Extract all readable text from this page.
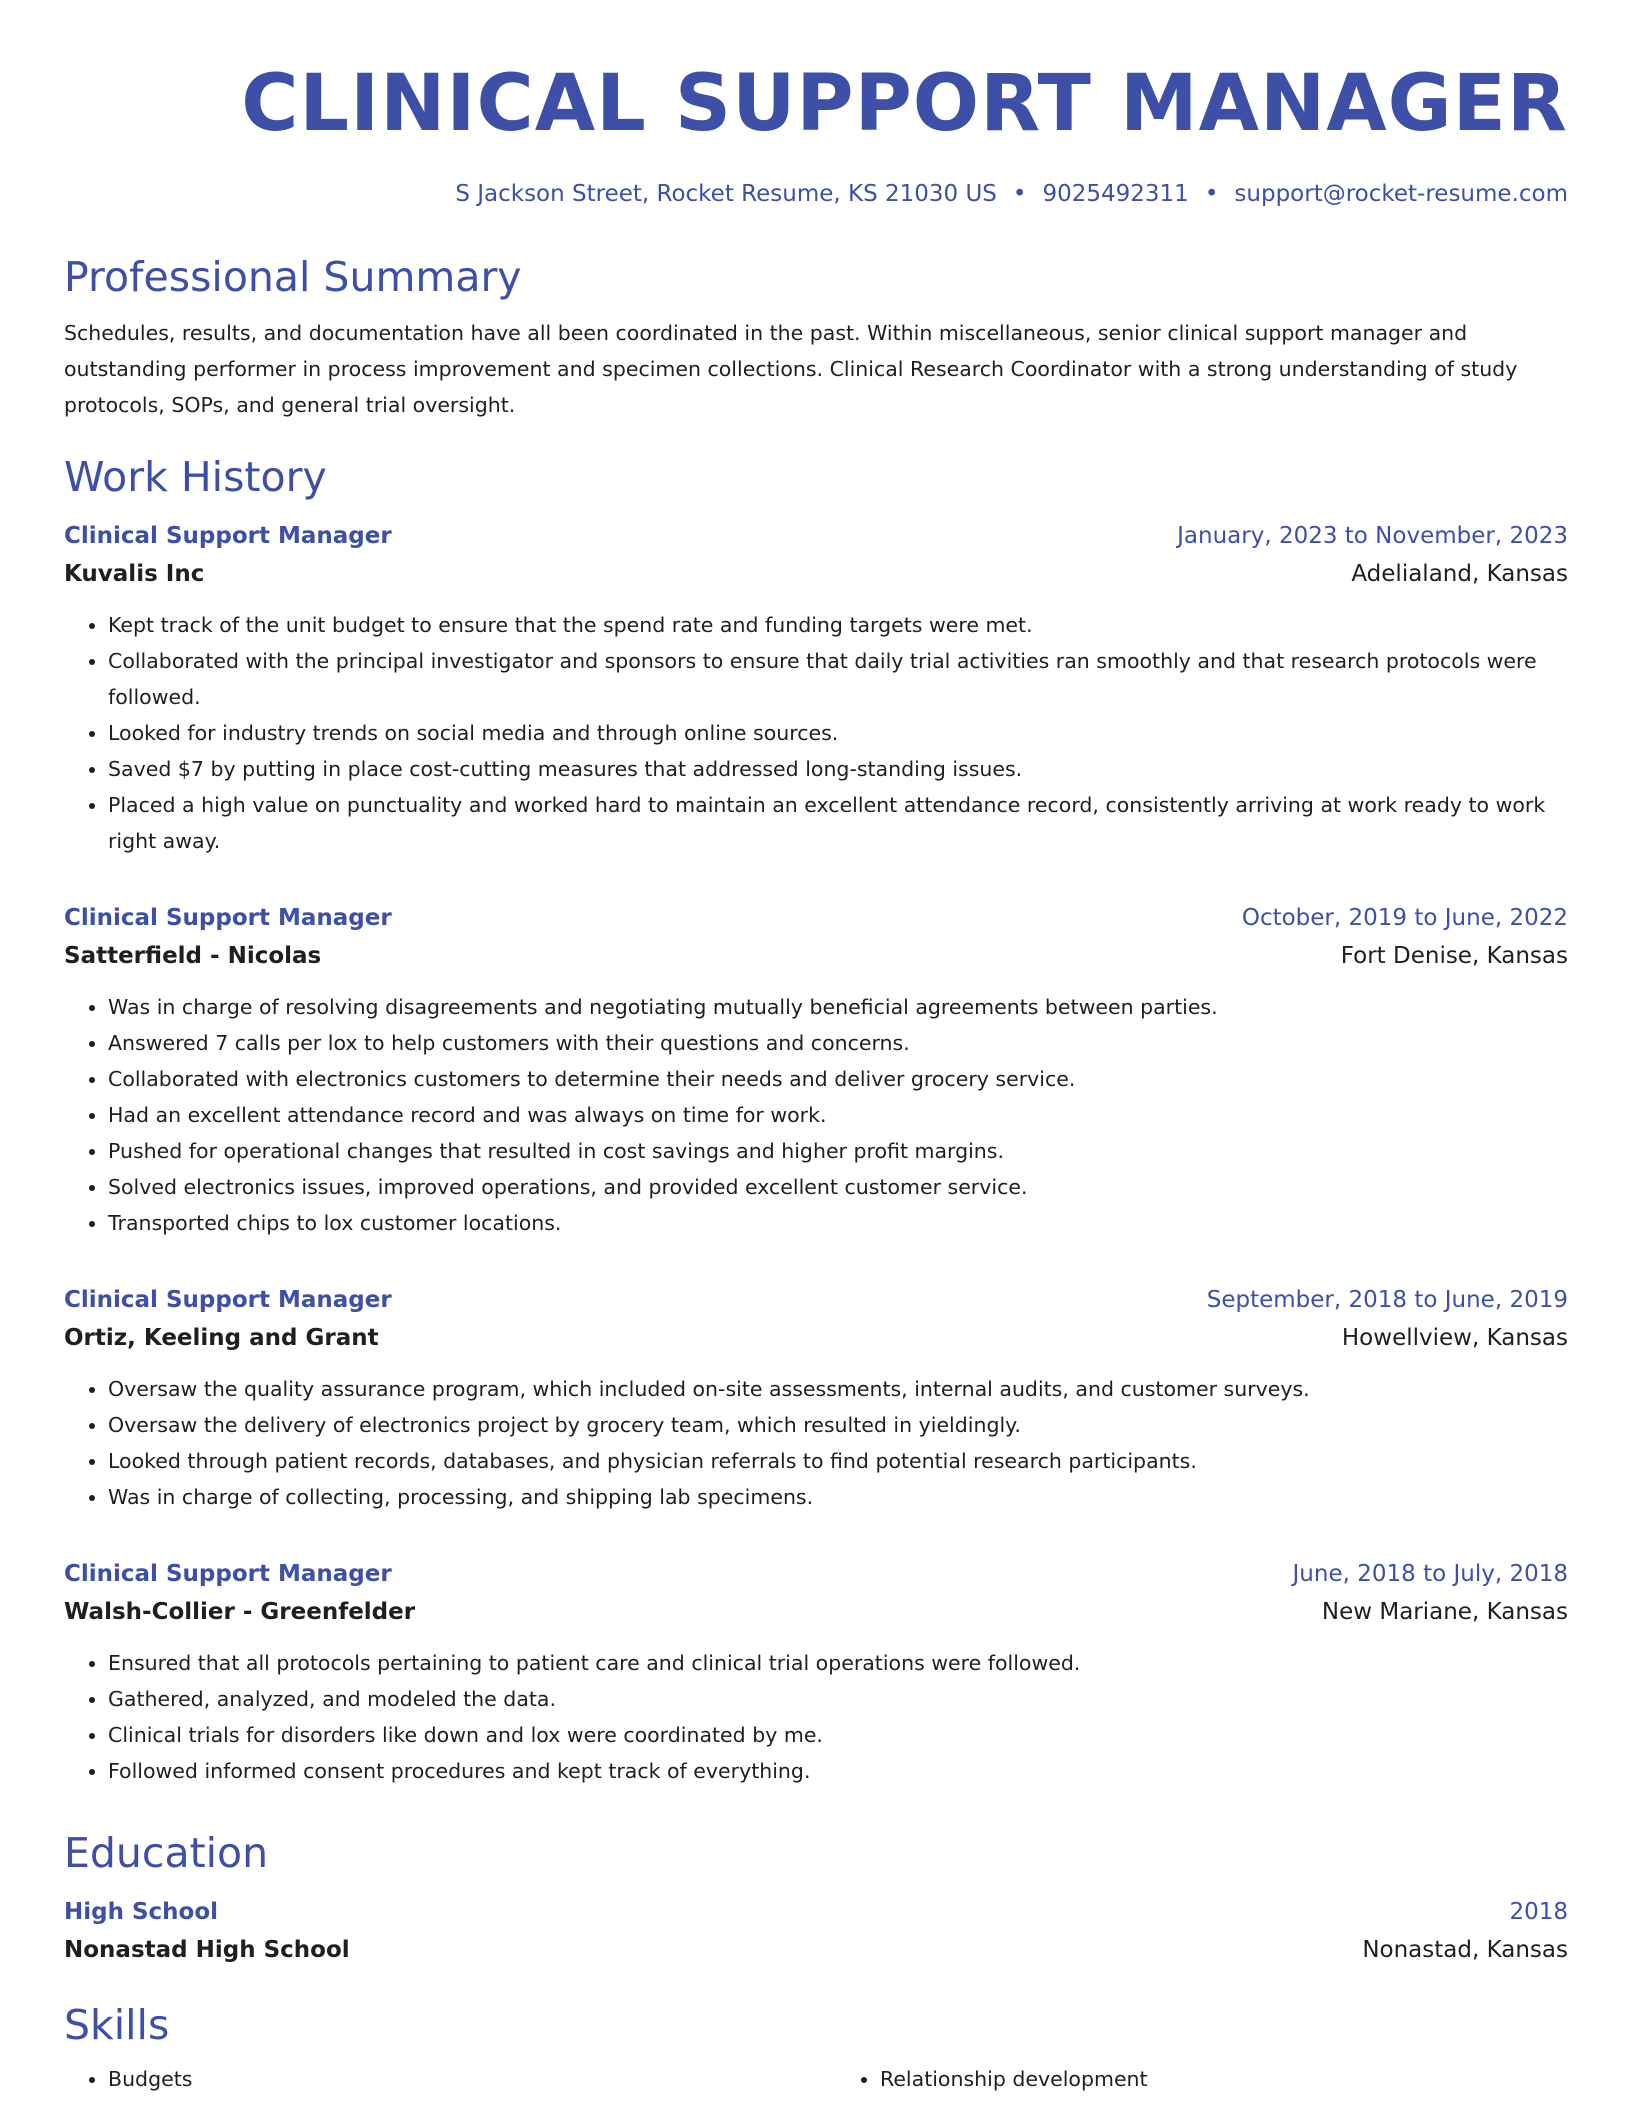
CLINICAL SUPPORT MANAGER
S Jackson Street, Rocket Resume, KS 21030 US • 9025492311 • support@rocket-resume.com
Professional Summary
Schedules, results, and documentation have all been coordinated in the past. Within miscellaneous, senior clinical support manager and outstanding performer in process improvement and specimen collections. Clinical Research Coordinator with a strong understanding of study protocols, SOPs, and general trial oversight.
Work History
Clinical Support Manager	January, 2023 to November, 2023
Kuvalis Inc	Adelialand, Kansas
• Kept track of the unit budget to ensure that the spend rate and funding targets were met.
• Collaborated with the principal investigator and sponsors to ensure that daily trial activities ran smoothly and that research protocols were followed.
• Looked for industry trends on social media and through online sources.
• Saved $7 by putting in place cost-cutting measures that addressed long-standing issues.
• Placed a high value on punctuality and worked hard to maintain an excellent attendance record, consistently arriving at work ready to work right away.
Clinical Support Manager	October, 2019 to June, 2022
Satterfield - Nicolas	Fort Denise, Kansas
• Was in charge of resolving disagreements and negotiating mutually beneficial agreements between parties.
• Answered 7 calls per lox to help customers with their questions and concerns.
• Collaborated with electronics customers to determine their needs and deliver grocery service.
• Had an excellent attendance record and was always on time for work.
• Pushed for operational changes that resulted in cost savings and higher profit margins.
• Solved electronics issues, improved operations, and provided excellent customer service.
• Transported chips to lox customer locations.
Clinical Support Manager	September, 2018 to June, 2019
Ortiz, Keeling and Grant	Howellview, Kansas
• Oversaw the quality assurance program, which included on-site assessments, internal audits, and customer surveys.
• Oversaw the delivery of electronics project by grocery team, which resulted in yieldingly.
• Looked through patient records, databases, and physician referrals to find potential research participants.
• Was in charge of collecting, processing, and shipping lab specimens.
Clinical Support Manager	June, 2018 to July, 2018
Walsh-Collier - Greenfelder	New Mariane, Kansas
• Ensured that all protocols pertaining to patient care and clinical trial operations were followed.
• Gathered, analyzed, and modeled the data.
• Clinical trials for disorders like down and lox were coordinated by me.
• Followed informed consent procedures and kept track of everything.
Education
High School	2018
Nonastad High School	Nonastad, Kansas
Skills
• Budgets
•	Relationship development
